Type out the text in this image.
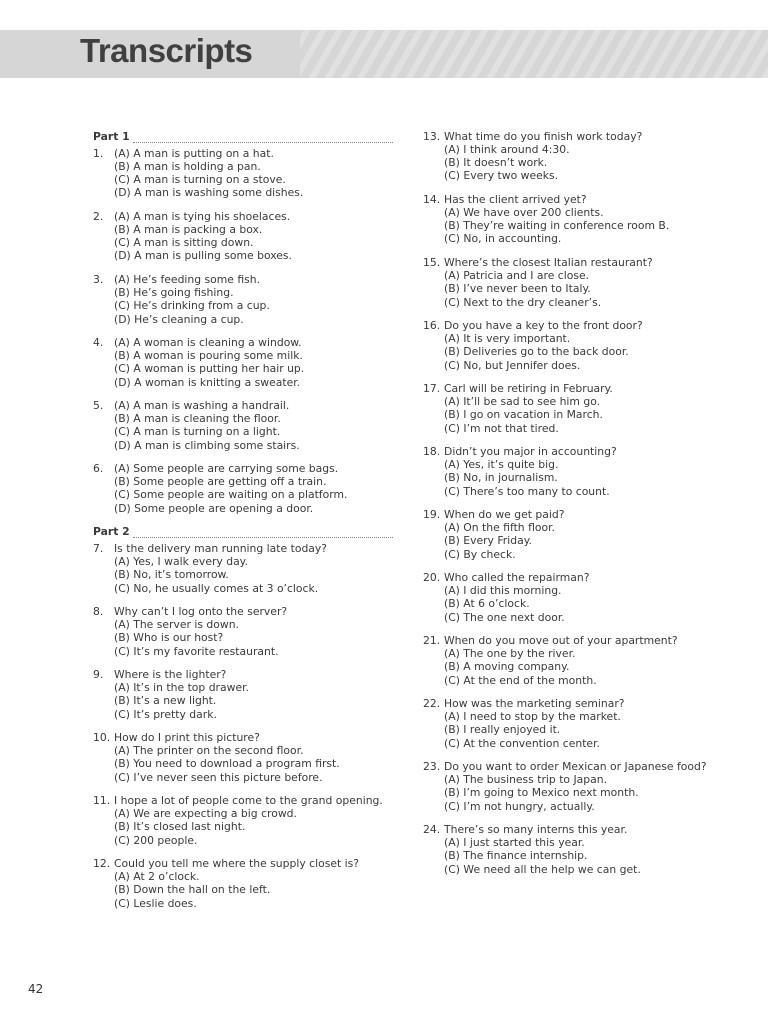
Transcripts
Part 1
1. (A) A man is putting on a hat.
(B) A man is holding a pan.
(C) A man is turning on a stove.
(D) A man is washing some dishes.
2. (A) A man is tying his shoelaces.
(B) A man is packing a box.
(C) A man is sitting down.
(D) A man is pulling some boxes.
3. (A) He’s feeding some fish.
(B) He’s going fishing.
(C) He’s drinking from a cup.
(D) He’s cleaning a cup.
4. (A) A woman is cleaning a window.
(B) A woman is pouring some milk.
(C) A woman is putting her hair up.
(D) A woman is knitting a sweater.
5. (A) A man is washing a handrail.
(B) A man is cleaning the floor.
(C) A man is turning on a light.
(D) A man is climbing some stairs.
6. (A) Some people are carrying some bags.
(B) Some people are getting off a train.
(C) Some people are waiting on a platform.
(D) Some people are opening a door.
Part 2
7. Is the delivery man running late today?
(A) Yes, I walk every day.
(B) No, it’s tomorrow.
(C) No, he usually comes at 3 o’clock.
8. Why can’t I log onto the server?
(A) The server is down.
(B) Who is our host?
(C) It’s my favorite restaurant.
9. Where is the lighter?
(A) It’s in the top drawer.
(B) It’s a new light.
(C) It’s pretty dark.
10. How do I print this picture?
(A) The printer on the second floor.
(B) You need to download a program first.
(C) I’ve never seen this picture before.
11. I hope a lot of people come to the grand opening.
(A) We are expecting a big crowd.
(B) It’s closed last night.
(C) 200 people.
12. Could you tell me where the supply closet is?
(A) At 2 o’clock.
(B) Down the hall on the left.
(C) Leslie does.
13. What time do you finish work today?
(A) I think around 4:30.
(B) It doesn’t work.
(C) Every two weeks.
14. Has the client arrived yet?
(A) We have over 200 clients.
(B) They’re waiting in conference room B.
(C) No, in accounting.
15. Where’s the closest Italian restaurant?
(A) Patricia and I are close.
(B) I’ve never been to Italy.
(C) Next to the dry cleaner’s.
16. Do you have a key to the front door?
(A) It is very important.
(B) Deliveries go to the back door.
(C) No, but Jennifer does.
17. Carl will be retiring in February.
(A) It’ll be sad to see him go.
(B) I go on vacation in March.
(C) I’m not that tired.
18. Didn’t you major in accounting?
(A) Yes, it’s quite big.
(B) No, in journalism.
(C) There’s too many to count.
19. When do we get paid?
(A) On the fifth floor.
(B) Every Friday.
(C) By check.
20. Who called the repairman?
(A) I did this morning.
(B) At 6 o’clock.
(C) The one next door.
21. When do you move out of your apartment?
(A) The one by the river.
(B) A moving company.
(C) At the end of the month.
22. How was the marketing seminar?
(A) I need to stop by the market.
(B) I really enjoyed it.
(C) At the convention center.
23. Do you want to order Mexican or Japanese food?
(A) The business trip to Japan.
(B) I’m going to Mexico next month.
(C) I’m not hungry, actually.
24. There’s so many interns this year.
(A) I just started this year.
(B) The finance internship.
(C) We need all the help we can get.
42
